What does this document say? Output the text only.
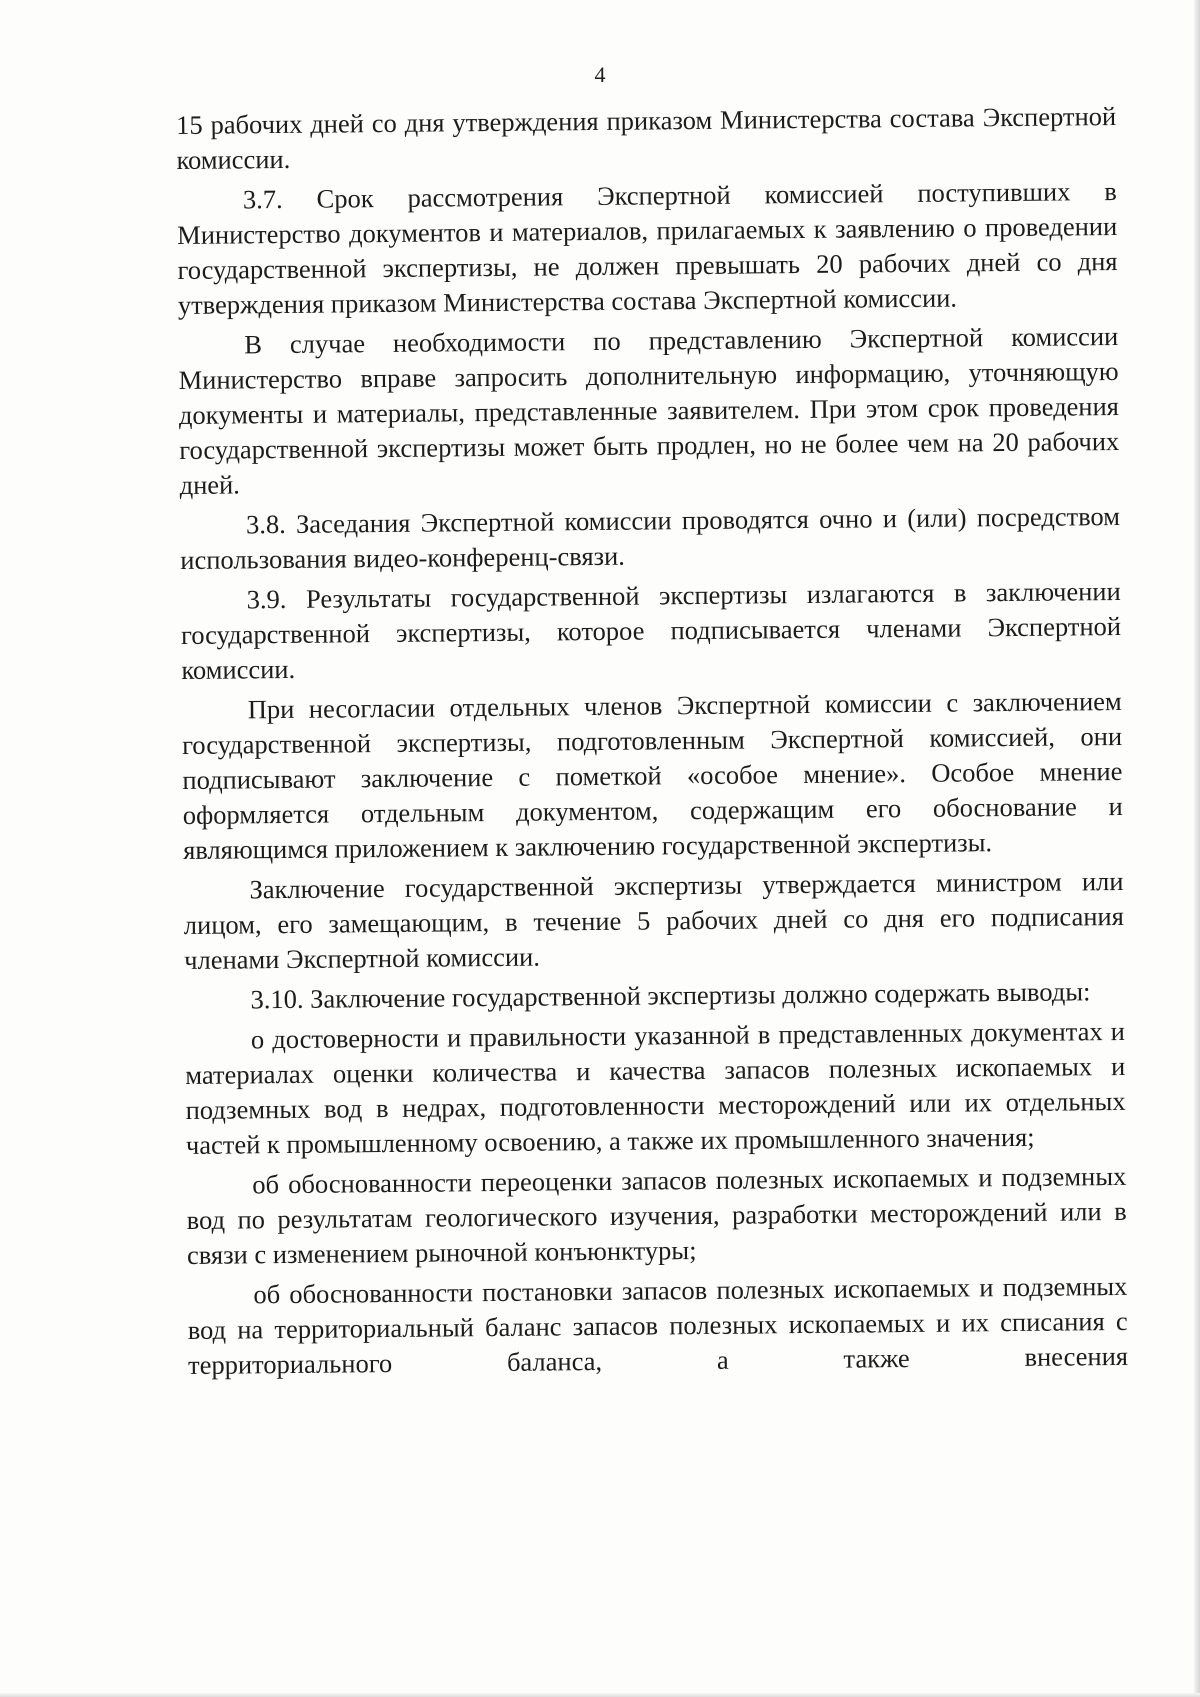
4

15 рабочих дней со дня утверждения приказом Министерства состава Экспертной комиссии.

3.7. Срок рассмотрения Экспертной комиссией поступивших в Министерство документов и материалов, прилагаемых к заявлению о проведении государственной экспертизы, не должен превышать 20 рабочих дней со дня утверждения приказом Министерства состава Экспертной комиссии.

В случае необходимости по представлению Экспертной комиссии Министерство вправе запросить дополнительную информацию, уточняющую документы и материалы, представленные заявителем. При этом срок проведения государственной экспертизы может быть продлен, но не более чем на 20 рабочих дней.

3.8. Заседания Экспертной комиссии проводятся очно и (или) посредством использования видео-конференц-связи.

3.9. Результаты государственной экспертизы излагаются в заключении государственной экспертизы, которое подписывается членами Экспертной комиссии.

При несогласии отдельных членов Экспертной комиссии с заключением государственной экспертизы, подготовленным Экспертной комиссией, они подписывают заключение с пометкой «особое мнение». Особое мнение оформляется отдельным документом, содержащим его обоснование и являющимся приложением к заключению государственной экспертизы.

Заключение государственной экспертизы утверждается министром или лицом, его замещающим, в течение 5 рабочих дней со дня его подписания членами Экспертной комиссии.

3.10. Заключение государственной экспертизы должно содержать выводы:

о достоверности и правильности указанной в представленных документах и материалах оценки количества и качества запасов полезных ископаемых и подземных вод в недрах, подготовленности месторождений или их отдельных частей к промышленному освоению, а также их промышленного значения;

об обоснованности переоценки запасов полезных ископаемых и подземных вод по результатам геологического изучения, разработки месторождений или в связи с изменением рыночной конъюнктуры;

об обоснованности постановки запасов полезных ископаемых и подземных вод на территориальный баланс запасов полезных ископаемых и их списания с территориального баланса, а также внесения
